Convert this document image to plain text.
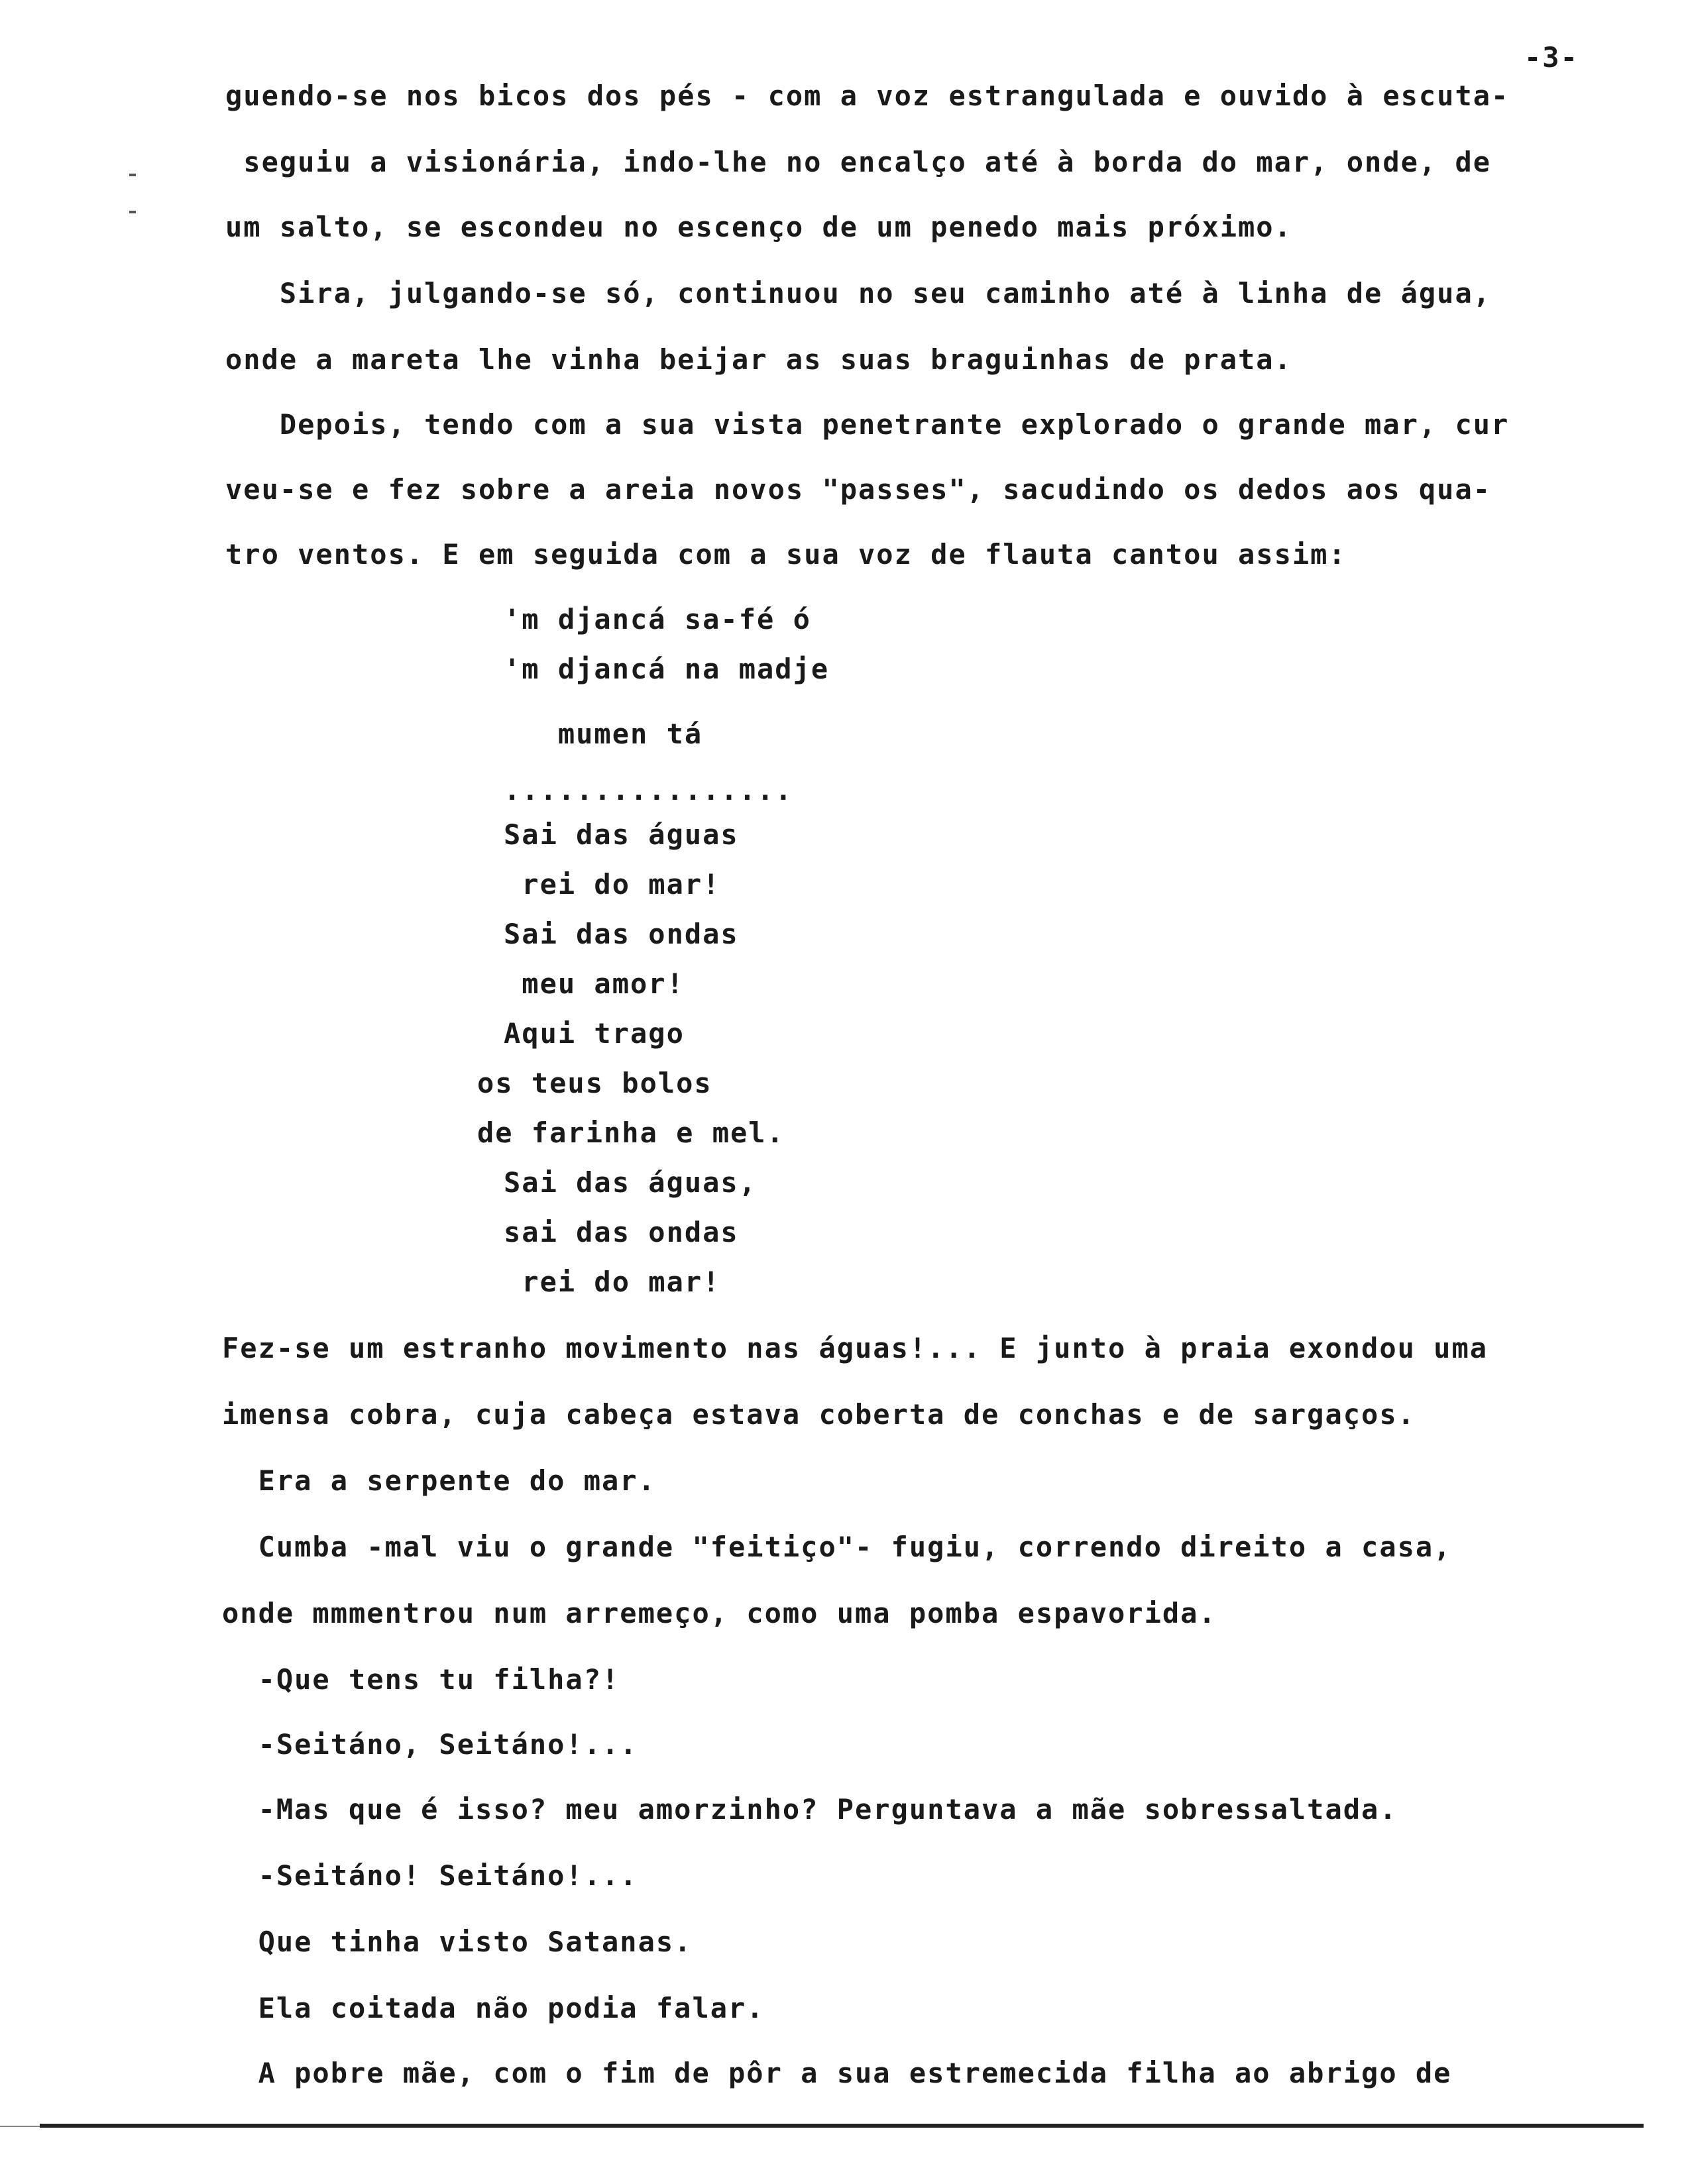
-3-
guendo-se nos bicos dos pés - com a voz estrangulada e ouvido à escuta-
seguiu a visionária, indo-lhe no encalço até à borda do mar, onde, de
um salto, se escondeu no escenço de um penedo mais próximo.
Sira, julgando-se só, continuou no seu caminho até à linha de água,
onde a mareta lhe vinha beijar as suas braguinhas de prata.
Depois, tendo com a sua vista penetrante explorado o grande mar, cur
veu-se e fez sobre a areia novos "passes", sacudindo os dedos aos qua-
tro ventos. E em seguida com a sua voz de flauta cantou assim:
'm djancá sa-fé ó
'm djancá na madje
mumen tá
................
Sai das águas
rei do mar!
Sai das ondas
meu amor!
Aqui trago
os teus bolos
de farinha e mel.
Sai das águas,
sai das ondas
rei do mar!
Fez-se um estranho movimento nas águas!... E junto à praia exondou uma
imensa cobra, cuja cabeça estava coberta de conchas e de sargaços.
Era a serpente do mar.
Cumba -mal viu o grande "feitiço"- fugiu, correndo direito a casa,
onde mmmentrou num arremeço, como uma pomba espavorida.
-Que tens tu filha?!
-Seitáno, Seitáno!...
-Mas que é isso? meu amorzinho? Perguntava a mãe sobressaltada.
-Seitáno! Seitáno!...
Que tinha visto Satanas.
Ela coitada não podia falar.
A pobre mãe, com o fim de pôr a sua estremecida filha ao abrigo de
